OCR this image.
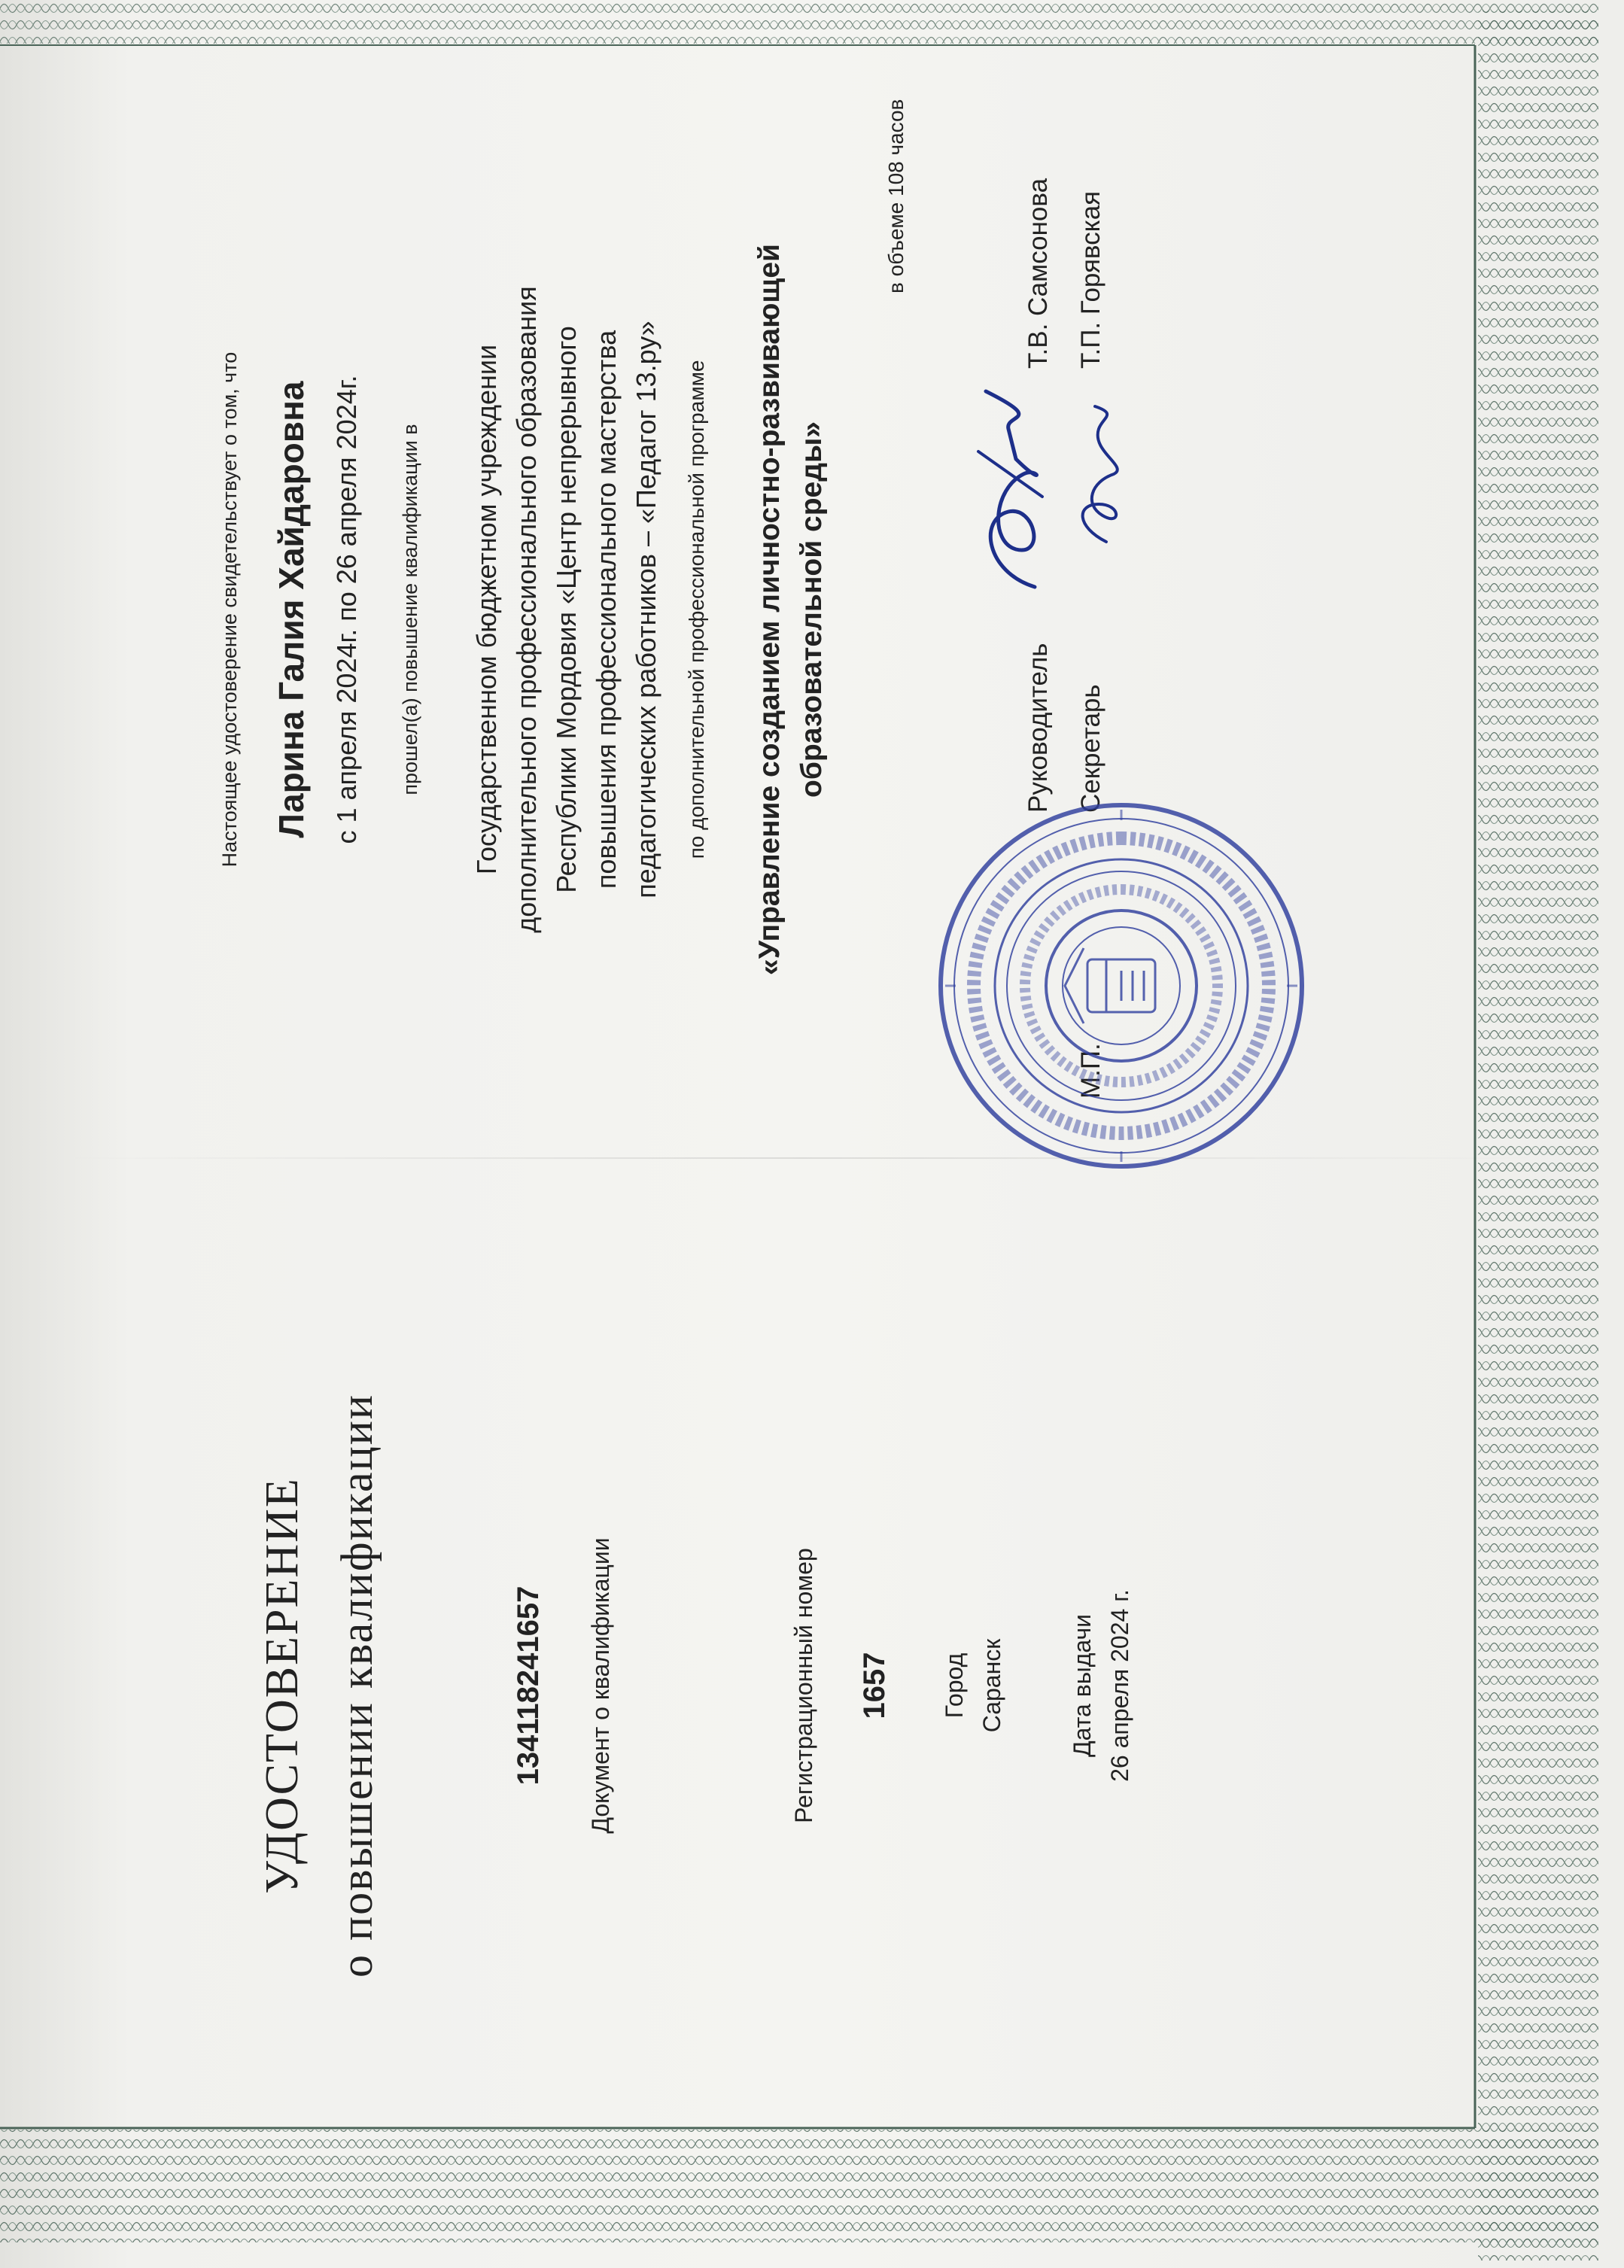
УДОСТОВЕРЕНИЕ о повышении квалификации	134118241657 Документ о квалификации	Регистрационный номер 1657 Город Саранск	Дата выдачи 26 апреля 2024 г.
Настоящее удостоверение свидетельствует о том, что Ларина Галия Хайдаровна с 1 апреля 2024г. по 26 апреля 2024г. прошел(а) повышение квалификации в Государственном бюджетном учреждении дополнительного профессионального образования Республики Мордовия «Центр непрерывного повышения профессионального мастерства педагогических работников – «Педагог 13.ру» по дополнительной профессиональной программе «Управление созданием личностно-развивающей образовательной среды»
в объеме 108 часов
М.П.
Руководитель
Т.В. Самсонова
Секретарь
Т.П. Горявская
